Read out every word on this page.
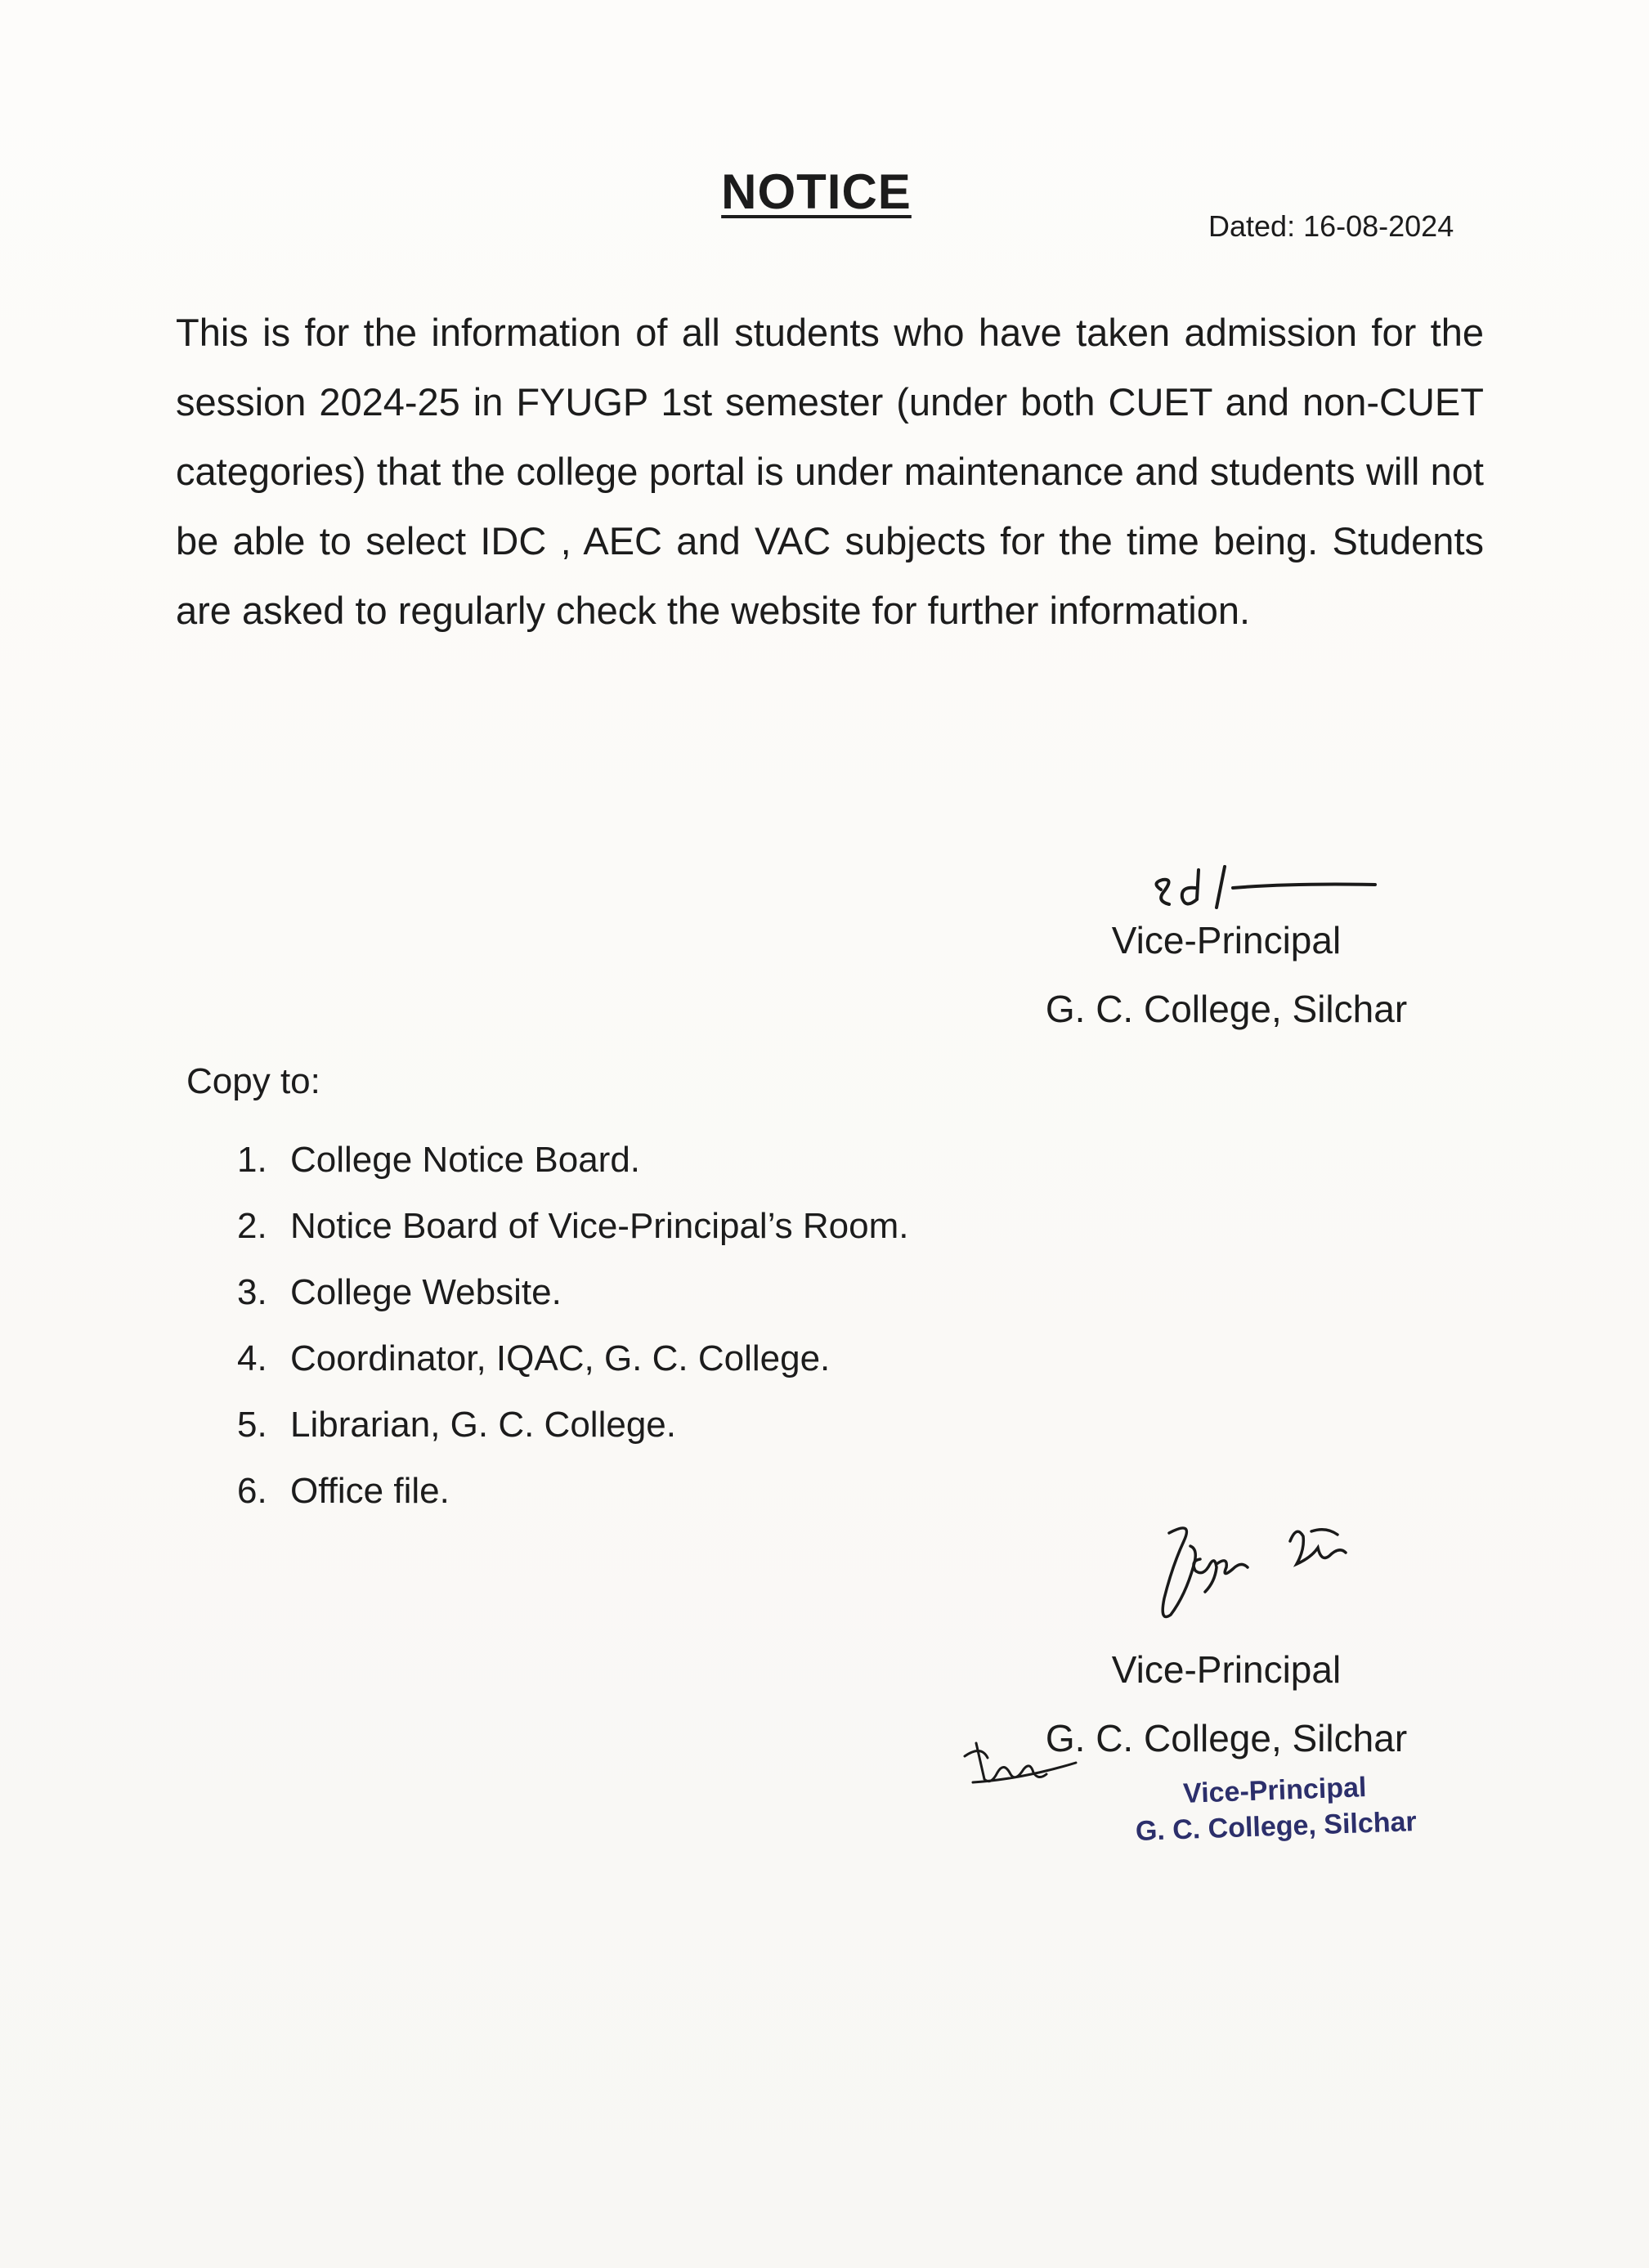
NOTICE
Dated: 16-08-2024
This is for the information of all students who have taken admission for the session 2024-25 in FYUGP 1st semester (under both CUET and non-CUET categories) that the college portal is under maintenance and students will not be able to select IDC , AEC and VAC subjects for the time being. Students are asked to regularly check the website for further information.
Vice-Principal
G. C. College, Silchar
Copy to:
1. College Notice Board.
2. Notice Board of Vice-Principal’s Room.
3. College Website.
4. Coordinator, IQAC, G. C. College.
5. Librarian, G. C. College.
6. Office file.
Vice-Principal
G. C. College, Silchar
Vice-Principal
G. C. College, Silchar
